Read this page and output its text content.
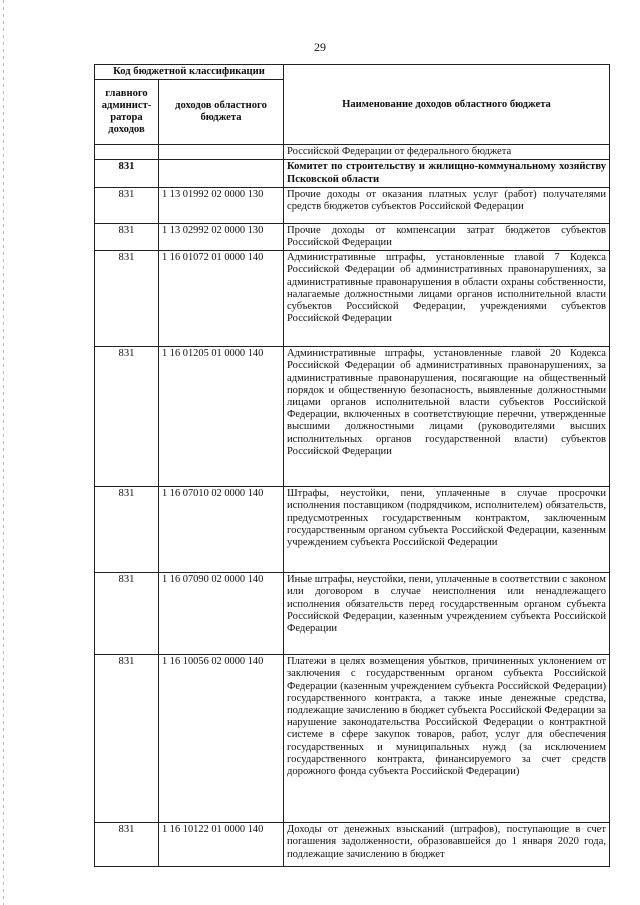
29
Код бюджетной классификации		Наименование доходов областного бюджета
главного админист-ратора доходов	доходов областного бюджета	
		Российской Федерации от федерального бюджета
831		Комитет по строительству и жилищно-коммунальному хозяйству Псковской области
831	1 13 01992 02 0000 130	Прочие доходы от оказания платных услуг (работ) получателями средств бюджетов субъектов Российской Федерации
831	1 13 02992 02 0000 130	Прочие доходы от компенсации затрат бюджетов субъектов Российской Федерации
831	1 16 01072 01 0000 140	Административные штрафы, установленные главой 7 Кодекса Российской Федерации об административных правонарушениях, за административные правонарушения в области охраны собственности, налагаемые должностными лицами органов исполнительной власти субъектов Российской Федерации, учреждениями субъектов Российской Федерации
831	1 16 01205 01 0000 140	Административные штрафы, установленные главой 20 Кодекса Российской Федерации об административных правонарушениях, за административные правонарушения, посягающие на общественный порядок и общественную безопасность, выявленные должностными лицами органов исполнительной власти субъектов Российской Федерации, включенных в соответствующие перечни, утвержденные высшими должностными лицами (руководителями высших исполнительных органов государственной власти) субъектов Российской Федерации
831	1 16 07010 02 0000 140	Штрафы, неустойки, пени, уплаченные в случае просрочки исполнения поставщиком (подрядчиком, исполнителем) обязательств, предусмотренных государственным контрактом, заключенным государственным органом субъекта Российской Федерации, казенным учреждением субъекта Российской Федерации
831	1 16 07090 02 0000 140	Иные штрафы, неустойки, пени, уплаченные в соответствии с законом или договором в случае неисполнения или ненадлежащего исполнения обязательств перед государственным органом субъекта Российской Федерации, казенным учреждением субъекта Российской Федерации
831	1 16 10056 02 0000 140	Платежи в целях возмещения убытков, причиненных уклонением от заключения с государственным органом субъекта Российской Федерации (казенным учреждением субъекта Российской Федерации) государственного контракта, а также иные денежные средства, подлежащие зачислению в бюджет субъекта Российской Федерации за нарушение законодательства Российской Федерации о контрактной системе в сфере закупок товаров, работ, услуг для обеспечения государственных и муниципальных нужд (за исключением государственного контракта, финансируемого за счет средств дорожного фонда субъекта Российской Федерации)
831	1 16 10122 01 0000 140	Доходы от денежных взысканий (штрафов), поступающие в счет погашения задолженности, образовавшейся до 1 января 2020 года, подлежащие зачислению в бюджет
